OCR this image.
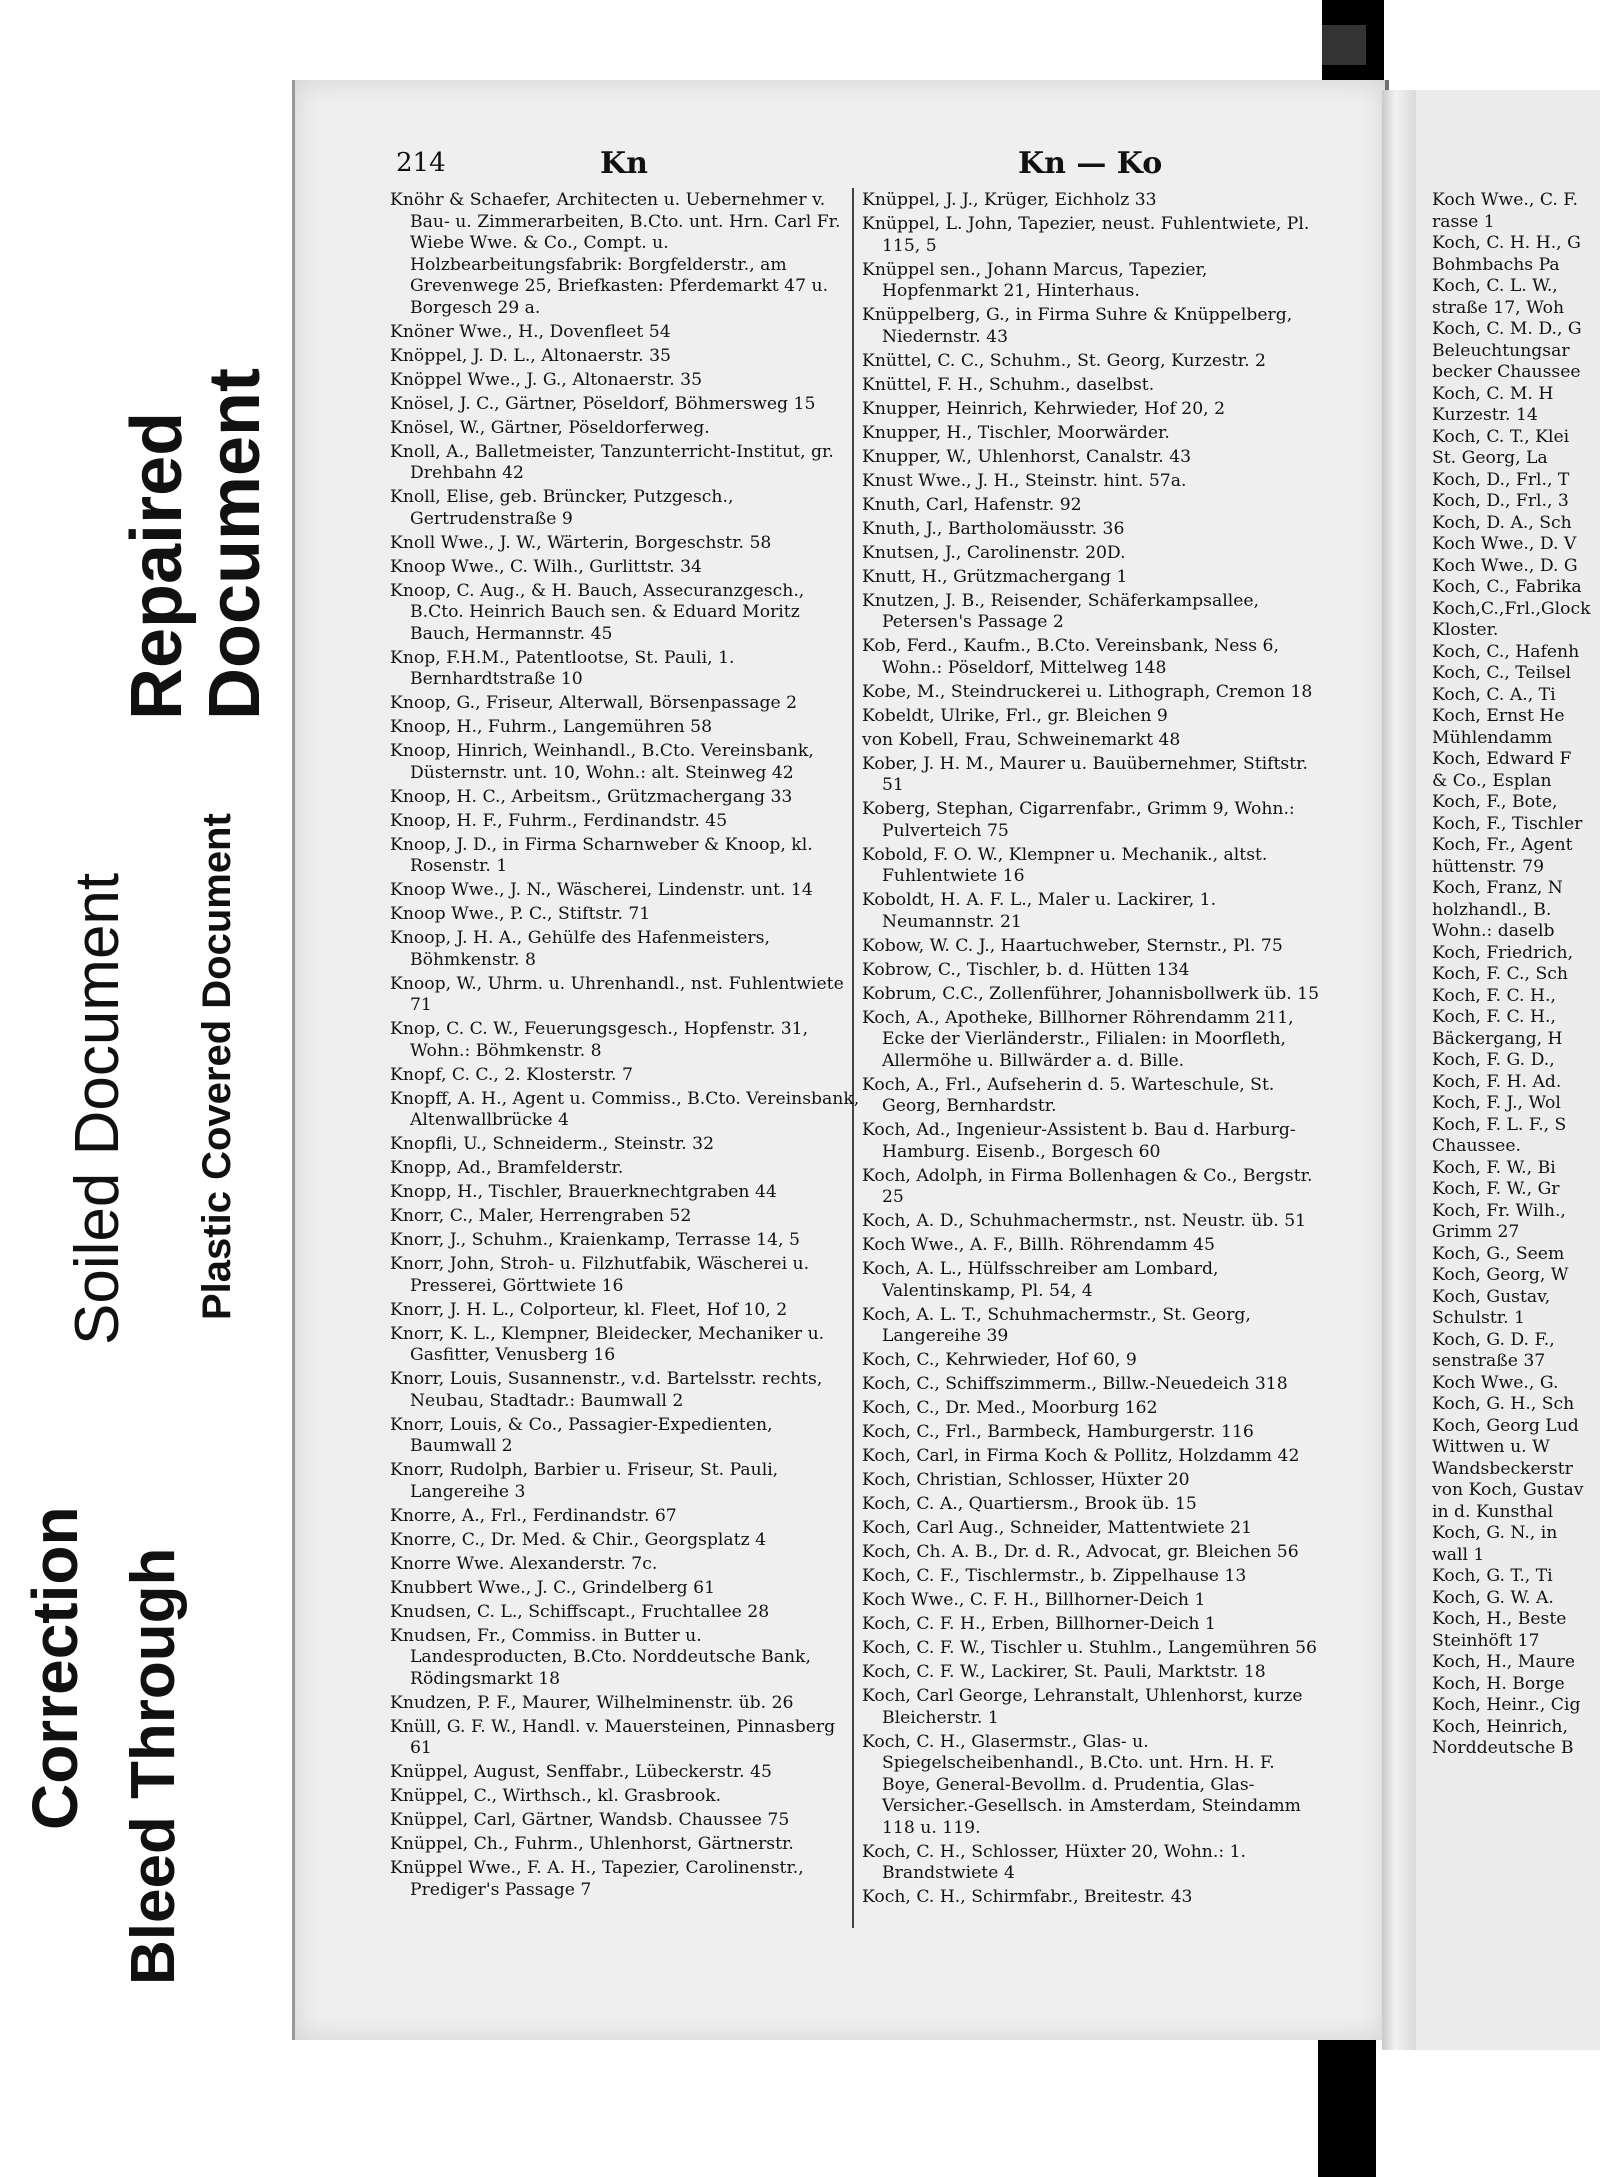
Correction Bleed Through
Soiled Document Plastic Covered Document
Repaired
Document
214	Kn	Kn — Ko
Knöhr & Schaefer, Architecten u. Uebernehmer v. Bau- u. Zimmerarbeiten, B.Cto. unt. Hrn. Carl Fr. Wiebe Wwe. & Co., Compt. u. Holzbearbeitungsfabrik: Borgfelderstr., am Grevenwege 25, Briefkasten: Pferdemarkt 47 u. Borgesch 29 a.
Knöner Wwe., H., Dovenfleet 54
Knöppel, J. D. L., Altonaerstr. 35
Knöppel Wwe., J. G., Altonaerstr. 35
Knösel, J. C., Gärtner, Pöseldorf, Böhmersweg 15
Knösel, W., Gärtner, Pöseldorferweg.
Knoll, A., Balletmeister, Tanzunterricht-Institut, gr. Drehbahn 42
Knoll, Elise, geb. Brüncker, Putzgesch., Gertrudenstraße 9
Knoll Wwe., J. W., Wärterin, Borgeschstr. 58
Knoop Wwe., C. Wilh., Gurlittstr. 34
Knoop, C. Aug., & H. Bauch, Assecuranzgesch., B.Cto. Heinrich Bauch sen. & Eduard Moritz Bauch, Hermannstr. 45
Knop, F.H.M., Patentlootse, St. Pauli, 1. Bernhardtstraße 10
Knoop, G., Friseur, Alterwall, Börsenpassage 2
Knoop, H., Fuhrm., Langemühren 58
Knoop, Hinrich, Weinhandl., B.Cto. Vereinsbank, Düsternstr. unt. 10, Wohn.: alt. Steinweg 42
Knoop, H. C., Arbeitsm., Grützmachergang 33
Knoop, H. F., Fuhrm., Ferdinandstr. 45
Knoop, J. D., in Firma Scharnweber & Knoop, kl. Rosenstr. 1
Knoop Wwe., J. N., Wäscherei, Lindenstr. unt. 14
Knoop Wwe., P. C., Stiftstr. 71
Knoop, J. H. A., Gehülfe des Hafenmeisters, Böhmkenstr. 8
Knoop, W., Uhrm. u. Uhrenhandl., nst. Fuhlentwiete 71
Knop, C. C. W., Feuerungsgesch., Hopfenstr. 31, Wohn.: Böhmkenstr. 8
Knopf, C. C., 2. Klosterstr. 7
Knopff, A. H., Agent u. Commiss., B.Cto. Vereinsbank, Altenwallbrücke 4
Knopfli, U., Schneiderm., Steinstr. 32
Knopp, Ad., Bramfelderstr.
Knopp, H., Tischler, Brauerknechtgraben 44
Knorr, C., Maler, Herrengraben 52
Knorr, J., Schuhm., Kraienkamp, Terrasse 14, 5
Knorr, John, Stroh- u. Filzhutfabik, Wäscherei u. Presserei, Görttwiete 16
Knorr, J. H. L., Colporteur, kl. Fleet, Hof 10, 2
Knorr, K. L., Klempner, Bleidecker, Mechaniker u. Gasfitter, Venusberg 16
Knorr, Louis, Susannenstr., v.d. Bartelsstr. rechts, Neubau, Stadtadr.: Baumwall 2
Knorr, Louis, & Co., Passagier-Expedienten, Baumwall 2
Knorr, Rudolph, Barbier u. Friseur, St. Pauli, Langereihe 3
Knorre, A., Frl., Ferdinandstr. 67
Knorre, C., Dr. Med. & Chir., Georgsplatz 4
Knorre Wwe. Alexanderstr. 7c.
Knubbert Wwe., J. C., Grindelberg 61
Knudsen, C. L., Schiffscapt., Fruchtallee 28
Knudsen, Fr., Commiss. in Butter u. Landesproducten, B.Cto. Norddeutsche Bank, Rödingsmarkt 18
Knudzen, P. F., Maurer, Wilhelminenstr. üb. 26
Knüll, G. F. W., Handl. v. Mauersteinen, Pinnasberg 61
Knüppel, August, Senffabr., Lübeckerstr. 45
Knüppel, C., Wirthsch., kl. Grasbrook.
Knüppel, Carl, Gärtner, Wandsb. Chaussee 75
Knüppel, Ch., Fuhrm., Uhlenhorst, Gärtnerstr.
Knüppel Wwe., F. A. H., Tapezier, Carolinenstr., Prediger's Passage 7
Knüppel, J. J., Krüger, Eichholz 33
Knüppel, L. John, Tapezier, neust. Fuhlentwiete, Pl. 115, 5
Knüppel sen., Johann Marcus, Tapezier, Hopfenmarkt 21, Hinterhaus.
Knüppelberg, G., in Firma Suhre & Knüppelberg, Niedernstr. 43
Knüttel, C. C., Schuhm., St. Georg, Kurzestr. 2
Knüttel, F. H., Schuhm., daselbst.
Knupper, Heinrich, Kehrwieder, Hof 20, 2
Knupper, H., Tischler, Moorwärder.
Knupper, W., Uhlenhorst, Canalstr. 43
Knust Wwe., J. H., Steinstr. hint. 57a.
Knuth, Carl, Hafenstr. 92
Knuth, J., Bartholomäusstr. 36
Knutsen, J., Carolinenstr. 20D.
Knutt, H., Grützmachergang 1
Knutzen, J. B., Reisender, Schäferkampsallee, Petersen's Passage 2
Kob, Ferd., Kaufm., B.Cto. Vereinsbank, Ness 6, Wohn.: Pöseldorf, Mittelweg 148
Kobe, M., Steindruckerei u. Lithograph, Cremon 18
Kobeldt, Ulrike, Frl., gr. Bleichen 9
von Kobell, Frau, Schweinemarkt 48
Kober, J. H. M., Maurer u. Bauübernehmer, Stiftstr. 51
Koberg, Stephan, Cigarrenfabr., Grimm 9, Wohn.: Pulverteich 75
Kobold, F. O. W., Klempner u. Mechanik., altst. Fuhlentwiete 16
Koboldt, H. A. F. L., Maler u. Lackirer, 1. Neumannstr. 21
Kobow, W. C. J., Haartuchweber, Sternstr., Pl. 75
Kobrow, C., Tischler, b. d. Hütten 134
Kobrum, C.C., Zollenführer, Johannisbollwerk üb. 15
Koch, A., Apotheke, Billhorner Röhrendamm 211, Ecke der Vierländerstr., Filialen: in Moorfleth, Allermöhe u. Billwärder a. d. Bille.
Koch, A., Frl., Aufseherin d. 5. Warteschule, St. Georg, Bernhardstr.
Koch, Ad., Ingenieur-Assistent b. Bau d. Harburg-Hamburg. Eisenb., Borgesch 60
Koch, Adolph, in Firma Bollenhagen & Co., Bergstr. 25
Koch, A. D., Schuhmachermstr., nst. Neustr. üb. 51
Koch Wwe., A. F., Billh. Röhrendamm 45
Koch, A. L., Hülfsschreiber am Lombard, Valentinskamp, Pl. 54, 4
Koch, A. L. T., Schuhmachermstr., St. Georg, Langereihe 39
Koch, C., Kehrwieder, Hof 60, 9
Koch, C., Schiffszimmerm., Billw.-Neuedeich 318
Koch, C., Dr. Med., Moorburg 162
Koch, C., Frl., Barmbeck, Hamburgerstr. 116
Koch, Carl, in Firma Koch & Pollitz, Holzdamm 42
Koch, Christian, Schlosser, Hüxter 20
Koch, C. A., Quartiersm., Brook üb. 15
Koch, Carl Aug., Schneider, Mattentwiete 21
Koch, Ch. A. B., Dr. d. R., Advocat, gr. Bleichen 56
Koch, C. F., Tischlermstr., b. Zippelhause 13
Koch Wwe., C. F. H., Billhorner-Deich 1
Koch, C. F. H., Erben, Billhorner-Deich 1
Koch, C. F. W., Tischler u. Stuhlm., Langemühren 56
Koch, C. F. W., Lackirer, St. Pauli, Marktstr. 18
Koch, Carl George, Lehranstalt, Uhlenhorst, kurze Bleicherstr. 1
Koch, C. H., Glasermstr., Glas- u. Spiegelscheibenhandl., B.Cto. unt. Hrn. H. F. Boye, General-Bevollm. d. Prudentia, Glas-Versicher.-Gesellsch. in Amsterdam, Steindamm 118 u. 119.
Koch, C. H., Schlosser, Hüxter 20, Wohn.: 1. Brandstwiete 4
Koch, C. H., Schirmfabr., Breitestr. 43
Koch Wwe., C. F.
rasse 1
Koch, C. H. H., G
Bohmbachs Pa
Koch, C. L. W.,
straße 17, Woh
Koch, C. M. D., G
Beleuchtungsar
becker Chaussee
Koch, C. M. H
Kurzestr. 14
Koch, C. T., Klei
St. Georg, La
Koch, D., Frl., T
Koch, D., Frl., 3
Koch, D. A., Sch
Koch Wwe., D. V
Koch Wwe., D. G
Koch, C., Fabrika
Koch,C.,Frl.,Glock
Kloster.
Koch, C., Hafenh
Koch, C., Teilsel
Koch, C. A., Ti
Koch, Ernst He
Mühlendamm
Koch, Edward F
& Co., Esplan
Koch, F., Bote,
Koch, F., Tischler
Koch, Fr., Agent
hüttenstr. 79
Koch, Franz, N
holzhandl., B.
Wohn.: daselb
Koch, Friedrich,
Koch, F. C., Sch
Koch, F. C. H.,
Koch, F. C. H.,
Bäckergang, H
Koch, F. G. D.,
Koch, F. H. Ad.
Koch, F. J., Wol
Koch, F. L. F., S
Chaussee.
Koch, F. W., Bi
Koch, F. W., Gr
Koch, Fr. Wilh.,
Grimm 27
Koch, G., Seem
Koch, Georg, W
Koch, Gustav,
Schulstr. 1
Koch, G. D. F.,
senstraße 37
Koch Wwe., G.
Koch, G. H., Sch
Koch, Georg Lud
Wittwen u. W
Wandsbeckerstr
von Koch, Gustav
in d. Kunsthal
Koch, G. N., in
wall 1
Koch, G. T., Ti
Koch, G. W. A.
Koch, H., Beste
Steinhöft 17
Koch, H., Maure
Koch, H. Borge
Koch, Heinr., Cig
Koch, Heinrich,
Norddeutsche B
